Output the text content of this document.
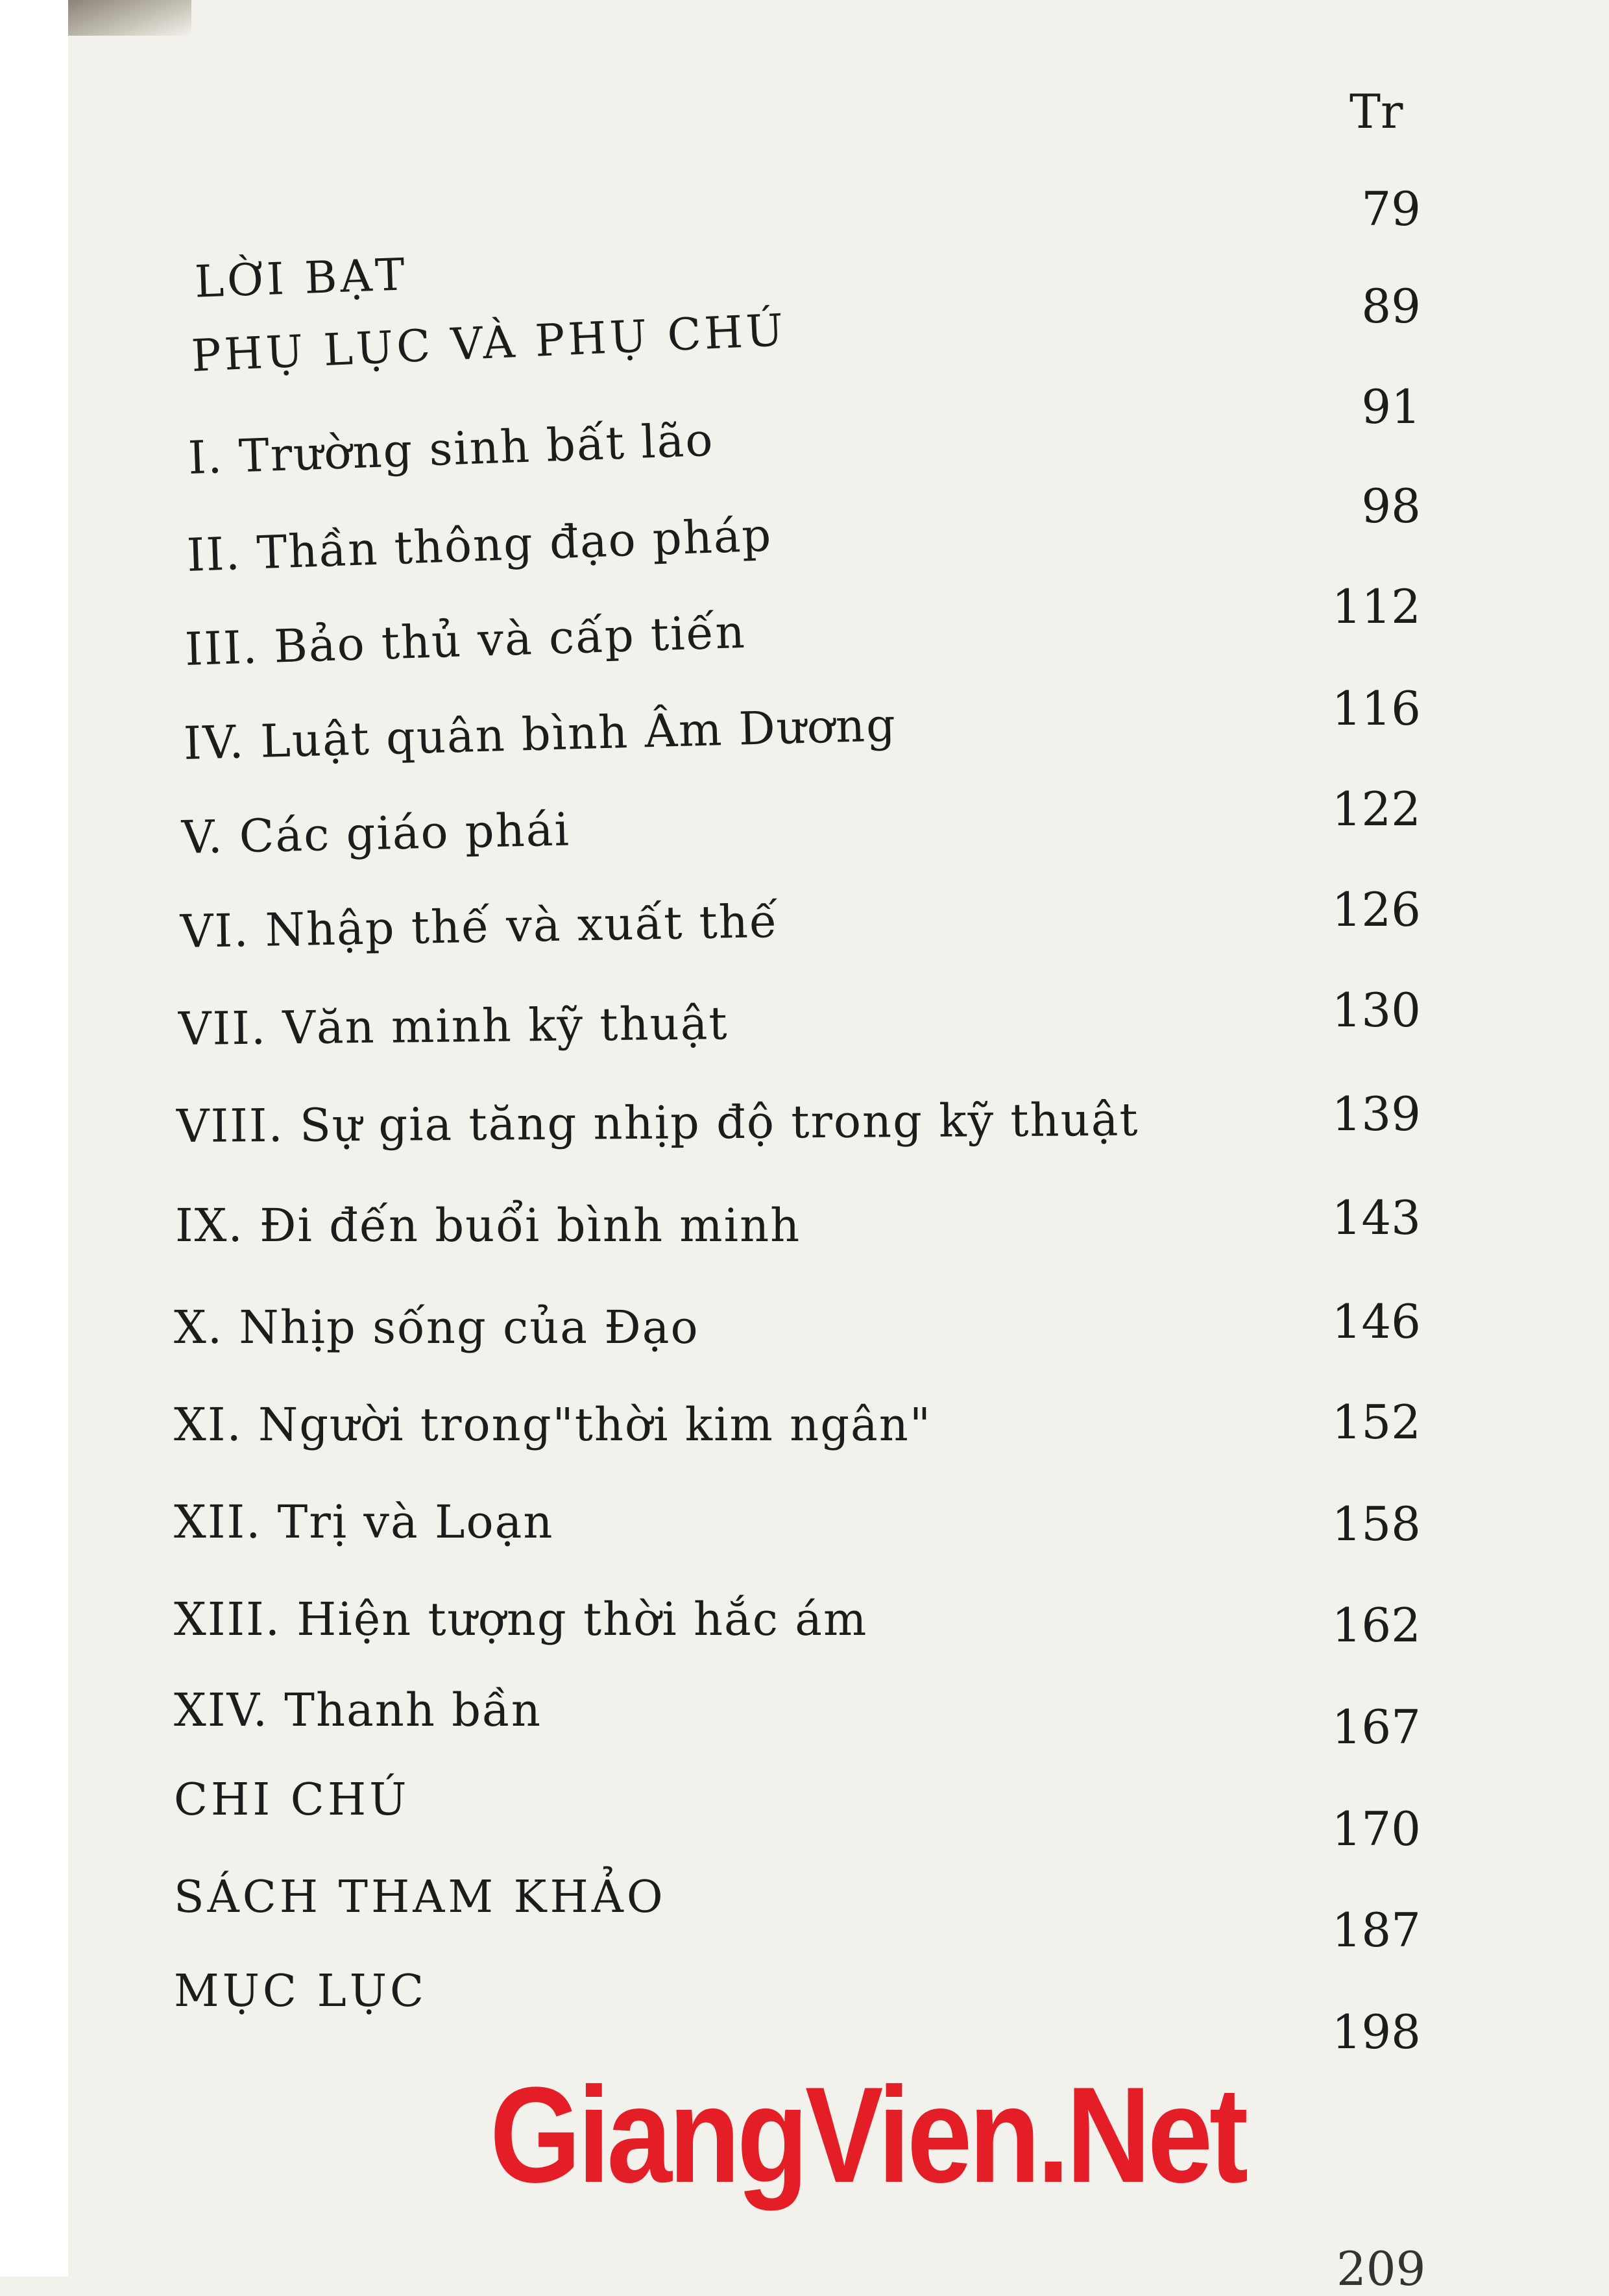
Tr
LỜI BẠT
PHỤ LỤC VÀ PHỤ CHÚ
I. Trường sinh bất lão
II. Thần thông đạo pháp
III. Bảo thủ và cấp tiến
IV. Luật quân bình Âm Dương
V. Các giáo phái
VI. Nhập thế và xuất thế
VII. Văn minh kỹ thuật
VIII. Sự gia tăng nhịp độ trong kỹ thuật
IX. Đi đến buổi bình minh
X. Nhịp sống của Đạo
XI. Người trong"thời kim ngân"
XII. Trị và Loạn
XIII. Hiện tượng thời hắc ám
XIV. Thanh bần
CHI CHÚ
SÁCH THAM KHẢO
MỤC LỤC
79
89
91
98
112
116
122
126
130
139
143
146
152
158
162
167
170
187
198
GiangVien.Net
209
